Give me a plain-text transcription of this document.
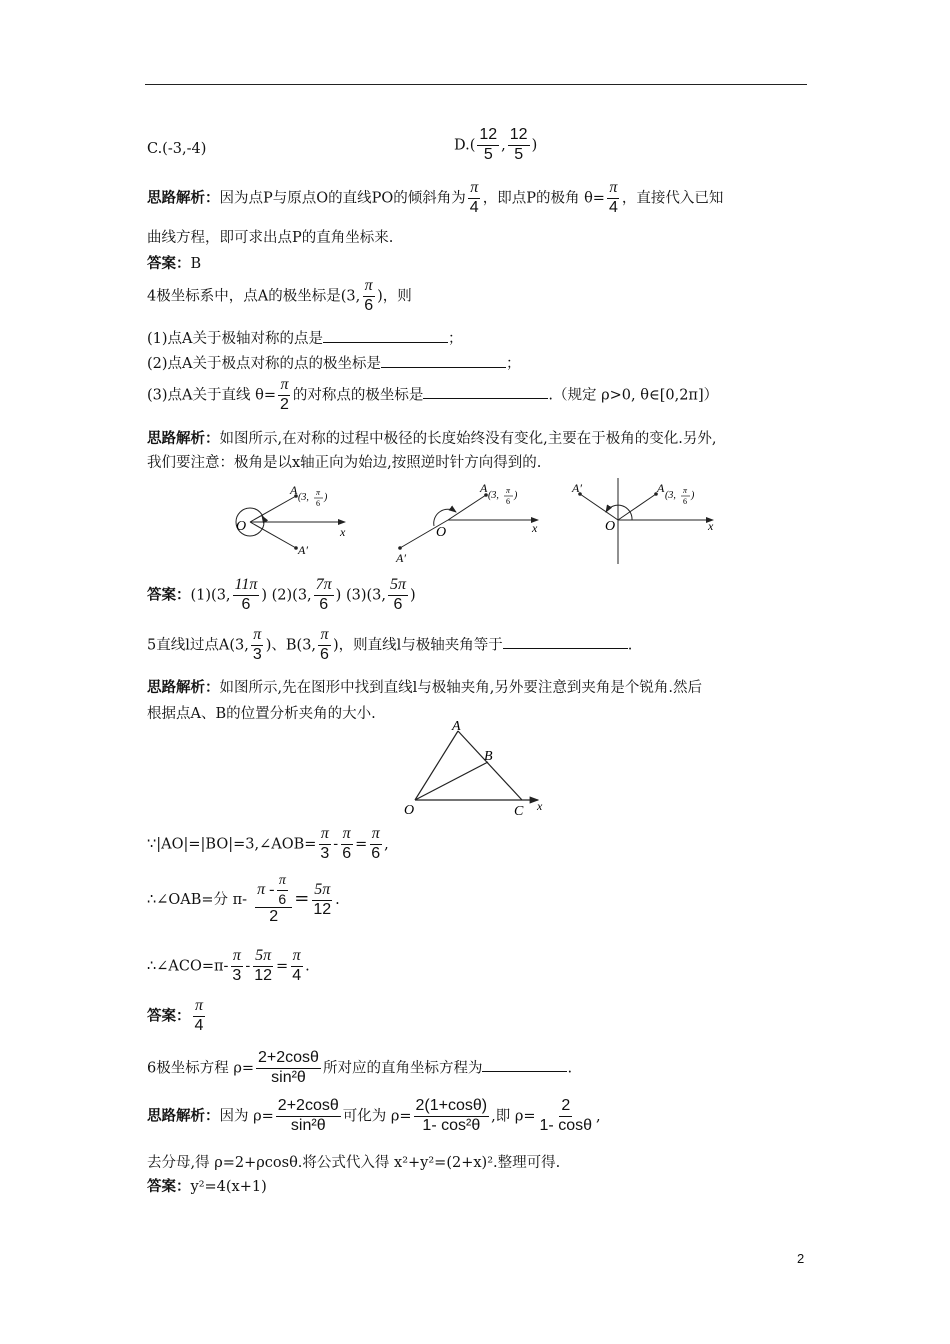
C.(-3,-4)	$D.( \frac{12}{5}$ , $\frac{12}{5}$ )
思路解析：因为点P与原点O的直线PO的倾斜角为 $\frac{\pi}{4}$ ，即点P的极角 $\theta= \frac{\pi}{4}$ ，直接代入已知
曲线方程，即可求出点P的直角坐标来.
答案：B
4极坐标系中，点A的极坐标是(3, $\frac{\pi}{6}$ )，则
(1)点A关于极轴对称的点是	；
(2)点A关于极点对称的点的极坐标是	；
(3)点A关于直线 $\theta= \frac{\pi}{2}$ 的对称点的极坐标是	.（规定 ρ>0, θ∈[0,2π]）
思路解析：如图所示,在对称的过程中极径的长度始终没有变化,主要在于极角的变化.另外,
我们要注意：极角是以x轴正向为始边,按照逆时针方向得到的.
O	x
A
(3, π
6
)
A′
O	x
A
(3, π
6
)
A′
O	x
A
(3, π
6
)
A′
答案：(1)(3, $\frac{11\pi}{6}$ ) (2)(3, $\frac{7\pi}{6}$ ) (3)(3, $\frac{5\pi}{6}$ )
5直线l过点A(3, $\frac{\pi}{3}$ )、B(3, $\frac{\pi}{6}$ )，则直线l与极轴夹角等于	.
思路解析：如图所示,先在图形中找到直线l与极轴夹角,另外要注意到夹角是个锐角.然后
根据点A、B的位置分析夹角的大小.
A
B
O	C x
∵|AO|=|BO|=3,∠AOB= $\frac{\pi}{3} - \frac{\pi}{6} = \frac{\pi}{6}$ ,
∴∠OAB=分 $\pi- \frac{\pi - \frac{\pi}{6}}{2} = \frac{5\pi}{12}$ .
∴∠ACO=π- $\frac{\pi}{3} - \frac{5\pi}{12} = \frac{\pi}{4}$ .
答案： $\frac{\pi}{4}$
6极坐标方程 $\rho= \frac{2+2\cos\theta}{\text{sin²θ}}$ 所对应的直角坐标方程为	.
思路解析：因为 $\rho= \frac{2+2\cos\theta}{\text{sin²θ}}$ 可化为 $\rho= \frac{2(1+\cos\theta)}{\text{1- cos²θ}}$ ,即 $\rho= \frac{2}{1- \cos\theta}$ ,
去分母,得 ρ=2+ρcosθ.将公式代入得 x²+y²=(2+x)².整理可得.
答案：y²=4(x+1)
2
